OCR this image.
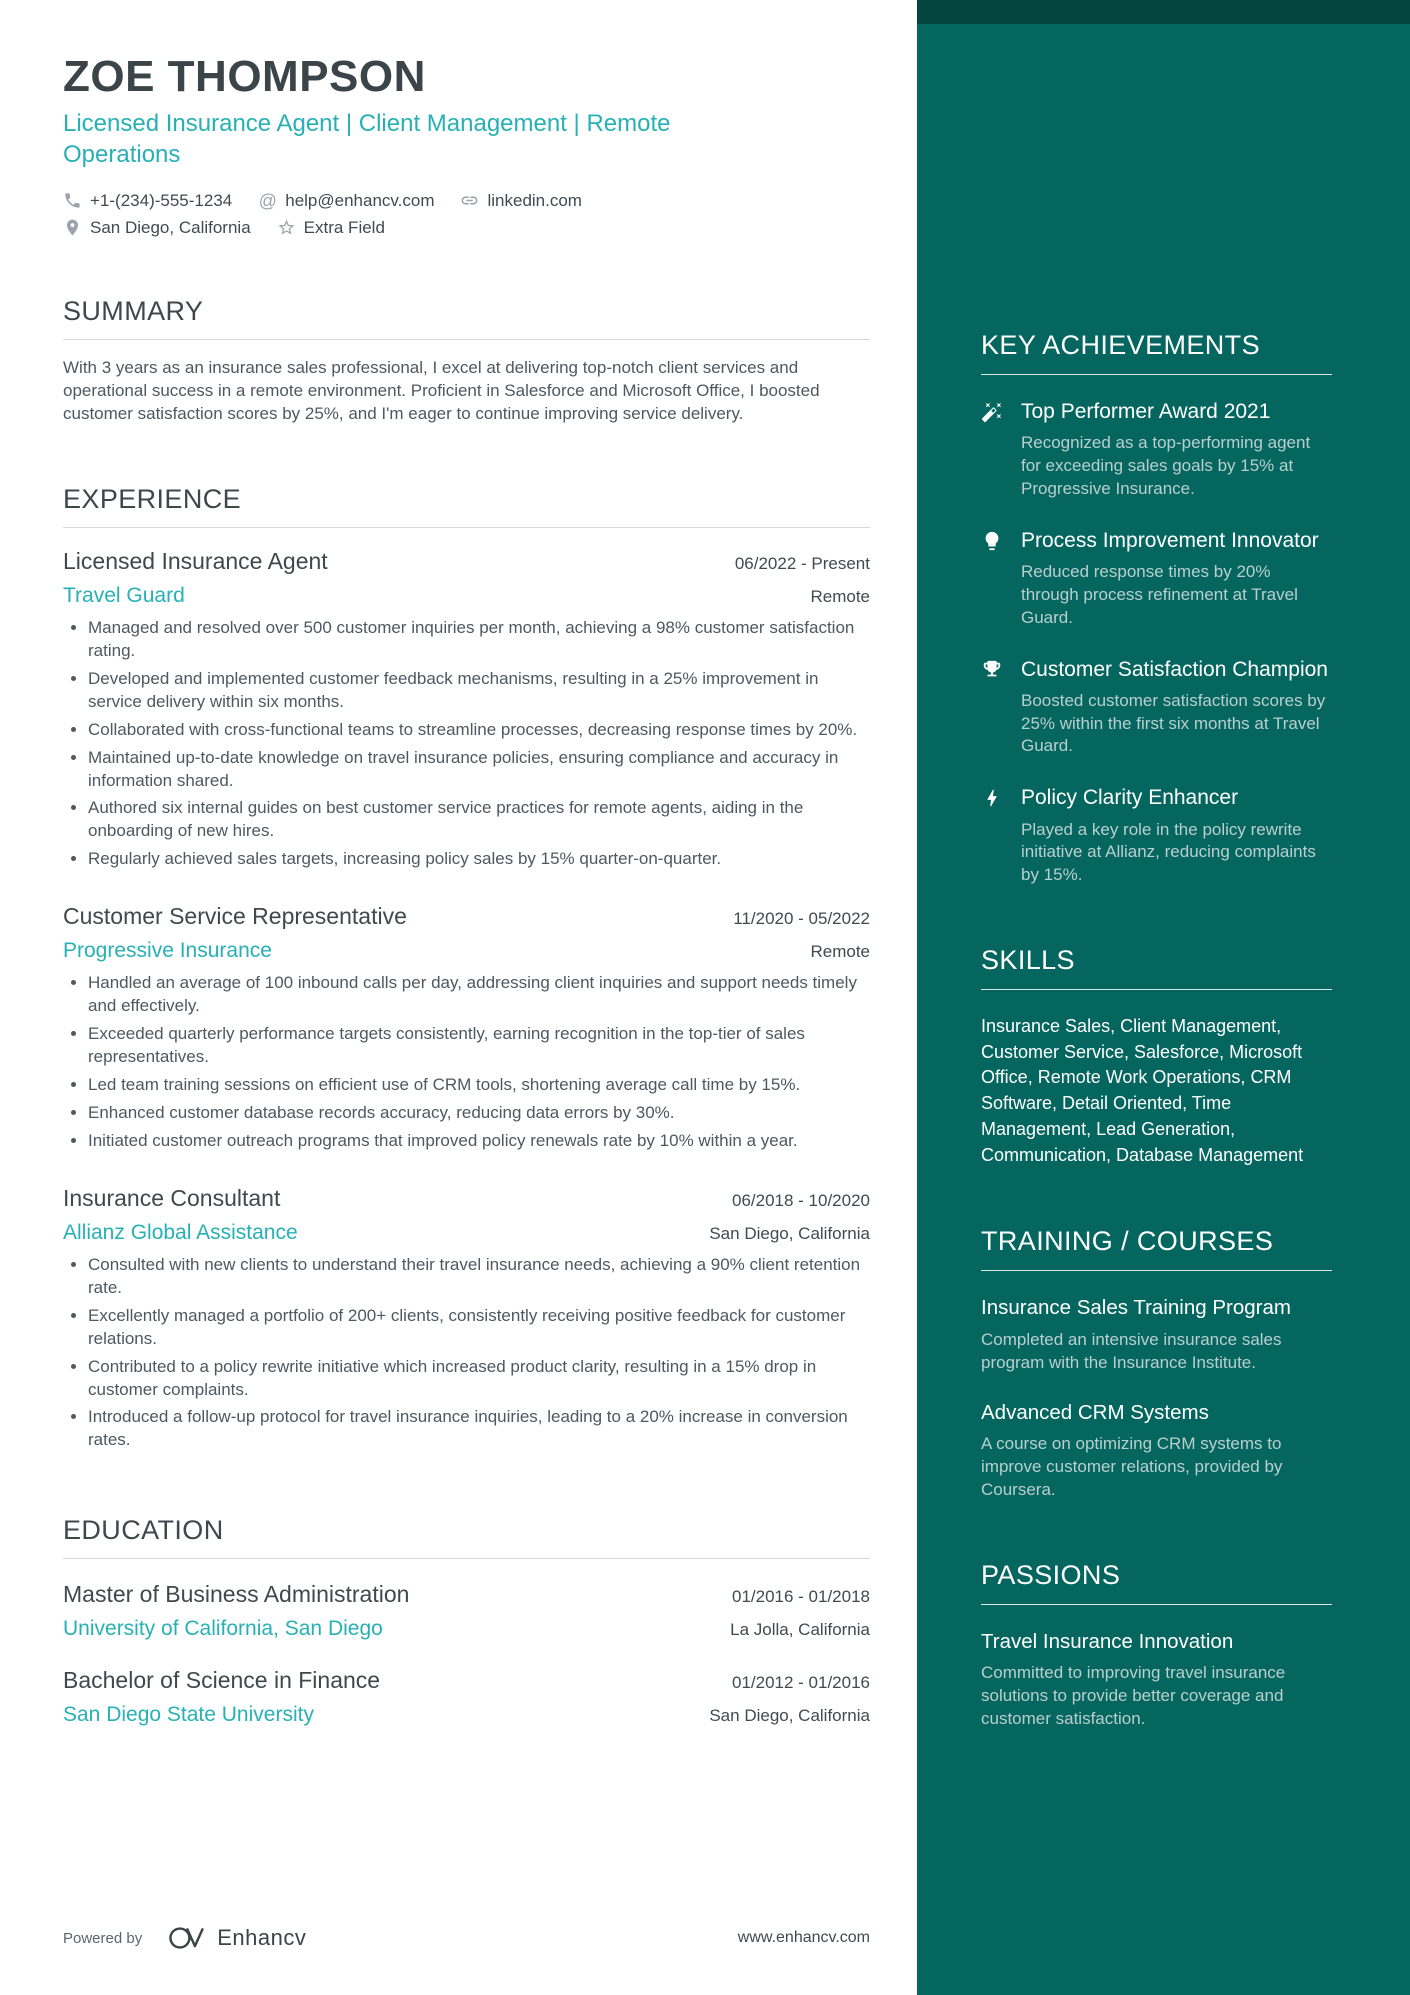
ZOE THOMPSON
Licensed Insurance Agent | Client Management | Remote Operations
+1-(234)-555-1234 @ help@enhancv.com	linkedin.com
San Diego, California	Extra Field
SUMMARY

With 3 years as an insurance sales professional, I excel at delivering top-notch client services and operational success in a remote environment. Proficient in Salesforce and Microsoft Office, I boosted customer satisfaction scores by 25%, and I'm eager to continue improving service delivery.

EXPERIENCE
Licensed Insurance Agent	06/2022 - Present
Travel Guard	Remote
• Managed and resolved over 500 customer inquiries per month, achieving a 98% customer satisfaction rating.
• Developed and implemented customer feedback mechanisms, resulting in a 25% improvement in service delivery within six months.
• Collaborated with cross-functional teams to streamline processes, decreasing response times by 20%.
• Maintained up-to-date knowledge on travel insurance policies, ensuring compliance and accuracy in information shared.
• Authored six internal guides on best customer service practices for remote agents, aiding in the onboarding of new hires.
• Regularly achieved sales targets, increasing policy sales by 15% quarter-on-quarter.
Customer Service Representative	11/2020 - 05/2022
Progressive Insurance	Remote
• Handled an average of 100 inbound calls per day, addressing client inquiries and support needs timely and effectively.
• Exceeded quarterly performance targets consistently, earning recognition in the top-tier of sales representatives.
• Led team training sessions on efficient use of CRM tools, shortening average call time by 15%.
• Enhanced customer database records accuracy, reducing data errors by 30%.
• Initiated customer outreach programs that improved policy renewals rate by 10% within a year.
Insurance Consultant	06/2018 - 10/2020
Allianz Global Assistance	San Diego, California
• Consulted with new clients to understand their travel insurance needs, achieving a 90% client retention rate.
• Excellently managed a portfolio of 200+ clients, consistently receiving positive feedback for customer relations.
• Contributed to a policy rewrite initiative which increased product clarity, resulting in a 15% drop in customer complaints.
• Introduced a follow-up protocol for travel insurance inquiries, leading to a 20% increase in conversion rates.
EDUCATION
Master of Business Administration	01/2016 - 01/2018
University of California, San Diego	La Jolla, California
Bachelor of Science in Finance	01/2012 - 01/2016
San Diego State University	San Diego, California
Powered by	Enhancv	www.enhancv.com
KEY ACHIEVEMENTS
Top Performer Award 2021
Recognized as a top-performing agent for exceeding sales goals by 15% at Progressive Insurance.
Process Improvement Innovator
Reduced response times by 20% through process refinement at Travel Guard.
Customer Satisfaction Champion
Boosted customer satisfaction scores by 25% within the first six months at Travel Guard.
Policy Clarity Enhancer
Played a key role in the policy rewrite initiative at Allianz, reducing complaints by 15%.
SKILLS

Insurance Sales, Client Management, Customer Service, Salesforce, Microsoft Office, Remote Work Operations, CRM Software, Detail Oriented, Time Management, Lead Generation, Communication, Database Management

TRAINING / COURSES
Insurance Sales Training Program
Completed an intensive insurance sales program with the Insurance Institute.
Advanced CRM Systems
A course on optimizing CRM systems to improve customer relations, provided by Coursera.
PASSIONS
Travel Insurance Innovation
Committed to improving travel insurance solutions to provide better coverage and customer satisfaction.
